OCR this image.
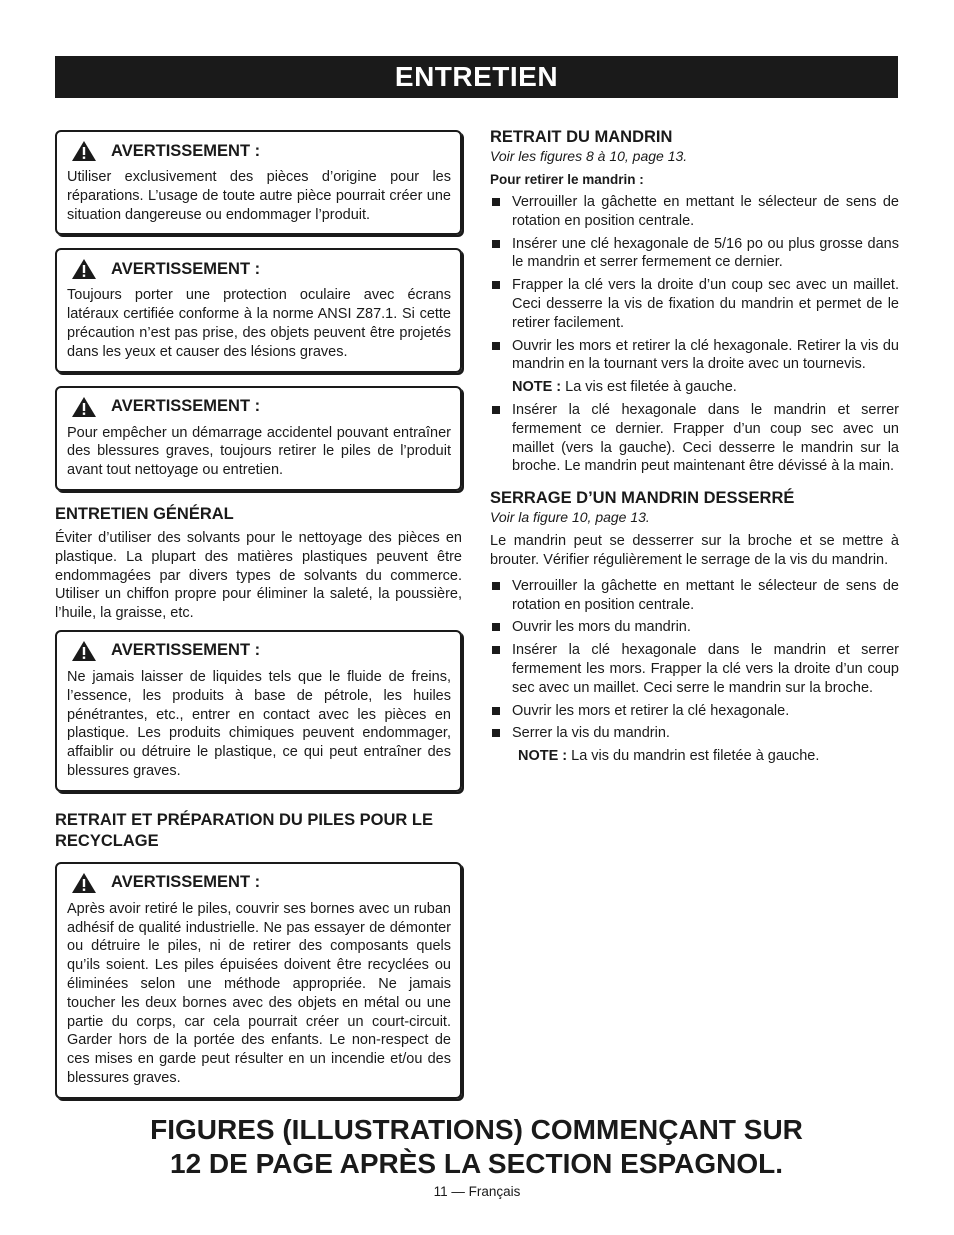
ENTRETIEN
AVERTISSEMENT :
Utiliser exclusivement des pièces d’origine pour les réparations. L’usage de toute autre pièce pourrait créer une situation dangereuse ou endommager l’produit.
AVERTISSEMENT :
Toujours porter une protection oculaire avec écrans latéraux certifiée conforme à la norme ANSI Z87.1. Si cette précaution n’est pas prise, des objets peuvent être projetés dans les yeux et causer des lésions graves.
AVERTISSEMENT :
Pour empêcher un démarrage accidentel pouvant entraîner des blessures graves, toujours retirer le piles de l’produit avant tout nettoyage ou entretien.
ENTRETIEN GÉNÉRAL

Éviter d’utiliser des solvants pour le nettoyage des pièces en plastique. La plupart des matières plastiques peuvent être endommagées par divers types de solvants du commerce. Utiliser un chiffon propre pour éliminer la saleté, la poussière, l’huile, la graisse, etc.

AVERTISSEMENT :
Ne jamais laisser de liquides tels que le fluide de freins, l’essence, les produits à base de pétrole, les huiles pénétrantes, etc., entrer en contact avec les pièces en plastique. Les produits chimiques peuvent endommager, affaiblir ou détruire le plastique, ce qui peut entraîner des blessures graves.
RETRAIT ET PRÉPARATION DU PILES POUR LE RECYCLAGE
AVERTISSEMENT :
Après avoir retiré le piles, couvrir ses bornes avec un ruban adhésif de qualité industrielle. Ne pas essayer de démonter ou détruire le piles, ni de retirer des composants quels qu’ils soient. Les piles épuisées doivent être recyclées ou éliminées selon une méthode appropriée. Ne jamais toucher les deux bornes avec des objets en métal ou une partie du corps, car cela pourrait créer un court-circuit. Garder hors de la portée des enfants. Le non-respect de ces mises en garde peut résulter en un incendie et/ou des blessures graves.
RETRAIT DU MANDRIN

Voir les figures 8 à 10, page 13.

Pour retirer le mandrin :

Verrouiller la gâchette en mettant le sélecteur de sens de rotation en position centrale.
Insérer une clé hexagonale de 5/16 po ou plus grosse dans le mandrin et serrer fermement ce dernier.
Frapper la clé vers la droite d’un coup sec avec un maillet. Ceci desserre la vis de fixation du mandrin et permet de le retirer facilement.
Ouvrir les mors et retirer la clé hexagonale. Retirer la vis du mandrin en la tournant vers la droite avec un tournevis.

NOTE : La vis est filetée à gauche.

Insérer la clé hexagonale dans le mandrin et serrer fermement ce dernier. Frapper d’un coup sec avec un maillet (vers la gauche). Ceci desserre le mandrin sur la broche. Le mandrin peut maintenant être dévissé à la main.
SERRAGE D’UN MANDRIN DESSERRÉ

Voir la figure 10, page 13.

Le mandrin peut se desserrer sur la broche et se mettre à brouter. Vérifier régulièrement le serrage de la vis du mandrin.

Verrouiller la gâchette en mettant le sélecteur de sens de rotation en position centrale.
Ouvrir les mors du mandrin.
Insérer la clé hexagonale dans le mandrin et serrer fermement les mors. Frapper la clé vers la droite d’un coup sec avec un maillet. Ceci serre le mandrin sur la broche.
Ouvrir les mors et retirer la clé hexagonale.
Serrer la vis du mandrin.

NOTE : La vis du mandrin est filetée à gauche.

FIGURES (ILLUSTRATIONS) COMMENÇANT SUR
12 DE PAGE APRÈS LA SECTION ESPAGNOL.
11 — Français
